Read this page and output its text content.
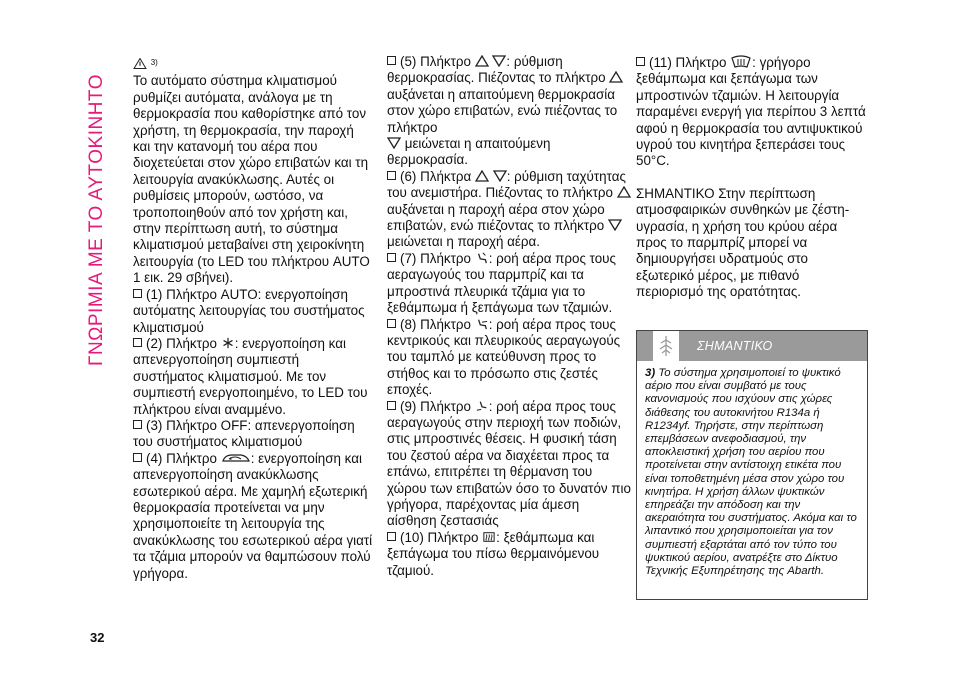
ΓΝΩΡΙΜΙΑ ΜΕ ΤΟ ΑΥΤΟΚΙΝΗΤΟ

$^{3)}$

Το αυτόματο σύστημα κλιματισμού ρυθμίζει αυτόματα, ανάλογα με τη θερμοκρασία που καθορίστηκε από τον χρήστη, τη θερμοκρασία, την παροχή και την κατανομή του αέρα που διοχετεύεται στον χώρο επιβατών και τη λειτουργία ανακύκλωσης. Αυτές οι ρυθμίσεις μπορούν, ωστόσο, να τροποποιηθούν από τον χρήστη και, στην περίπτωση αυτή, το σύστημα κλιματισμού μεταβαίνει στη χειροκίνητη λειτουργία (το LED του πλήκτρου AUTO 1 εικ. 29 σβήνει).

(1) Πλήκτρο AUTO: ενεργοποίηση αυτόματης λειτουργίας του συστήματος κλιματισμού

(2) Πλήκτρο : ενεργοποίηση και απενεργοποίηση συμπιεστή συστήματος κλιματισμού. Με τον συμπιεστή ενεργοποιημένο, το LED του πλήκτρου είναι αναμμένο.

(3) Πλήκτρο OFF: απενεργοποίηση του συστήματος κλιματισμού

(4) Πλήκτρο	: ενεργοποίηση και απενεργοποίηση ανακύκλωσης εσωτερικού αέρα. Με χαμηλή εξωτερική θερμοκρασία προτείνεται να μην χρησιμοποιείτε τη λειτουργία της ανακύκλωσης του εσωτερικού αέρα γιατί τα τζάμια μπορούν να θαμπώσουν πολύ γρήγορα.

(5) Πλήκτρο	: ρύθμιση θερμοκρασίας. Πιέζοντας το πλήκτρο  αυξάνεται η απαιτούμενη θερμοκρασία στον χώρο επιβατών, ενώ πιέζοντας το πλήκτρο
μειώνεται η απαιτούμενη θερμοκρασία.

(6) Πλήκτρα	: ρύθμιση ταχύτητας του ανεμιστήρα. Πιέζοντας το πλήκτρο  αυξάνεται η παροχή αέρα στον χώρο επιβατών, ενώ πιέζοντας το πλήκτρο  μειώνεται η παροχή αέρα.

(7) Πλήκτρο : ροή αέρα προς τους αεραγωγούς του παρμπρίζ και τα μπροστινά πλευρικά τζάμια για το ξεθάμπωμα ή ξεπάγωμα των τζαμιών.

(8) Πλήκτρο : ροή αέρα προς τους κεντρικούς και πλευρικούς αεραγωγούς του ταμπλό με κατεύθυνση προς το στήθος και το πρόσωπο στις ζεστές εποχές.

(9) Πλήκτρο : ροή αέρα προς τους αεραγωγούς στην περιοχή των ποδιών, στις μπροστινές θέσεις. Η φυσική τάση του ζεστού αέρα να διαχέεται προς τα επάνω, επιτρέπει τη θέρμανση του χώρου των επιβατών όσο το δυνατόν πιο γρήγορα, παρέχοντας μία άμεση αίσθηση ζεστασιάς

(10) Πλήκτρο : ξεθάμπωμα και ξεπάγωμα του πίσω θερμαινόμενου τζαμιού.

(11) Πλήκτρο : γρήγορο ξεθάμπωμα και ξεπάγωμα των μπροστινών τζαμιών. Η λειτουργία παραμένει ενεργή για περίπου 3 λεπτά αφού η θερμοκρασία του αντιψυκτικού υγρού του κινητήρα ξεπεράσει τους 50°C.

ΣΗΜΑΝΤΙΚΟ Στην περίπτωση ατμοσφαιρικών συνθηκών με ζέστη-υγρασία, η χρήση του κρύου αέρα προς το παρμπρίζ μπορεί να δημιουργήσει υδρατμούς στο εξωτερικό μέρος, με πιθανό περιορισμό της ορατότητας.

ΣΗΜΑΝΤΙΚΟ
3) Το σύστημα χρησιμοποιεί το ψυκτικό αέριο που είναι συμβατό με τους κανονισμούς που ισχύουν στις χώρες διάθεσης του αυτοκινήτου R134a ή R1234yf. Τηρήστε, στην περίπτωση επεμβάσεων ανεφοδιασμού, την αποκλειστική χρήση του αερίου που προτείνεται στην αντίστοιχη ετικέτα που είναι τοποθετημένη μέσα στον χώρο του κινητήρα. Η χρήση άλλων ψυκτικών επηρεάζει την απόδοση και την ακεραιότητα του συστήματος. Ακόμα και το λιπαντικό που χρησιμοποιείται για τον συμπιεστή εξαρτάται από τον τύπο του ψυκτικού αερίου, ανατρέξτε στο Δίκτυο Τεχνικής Εξυπηρέτησης της Abarth.
32
